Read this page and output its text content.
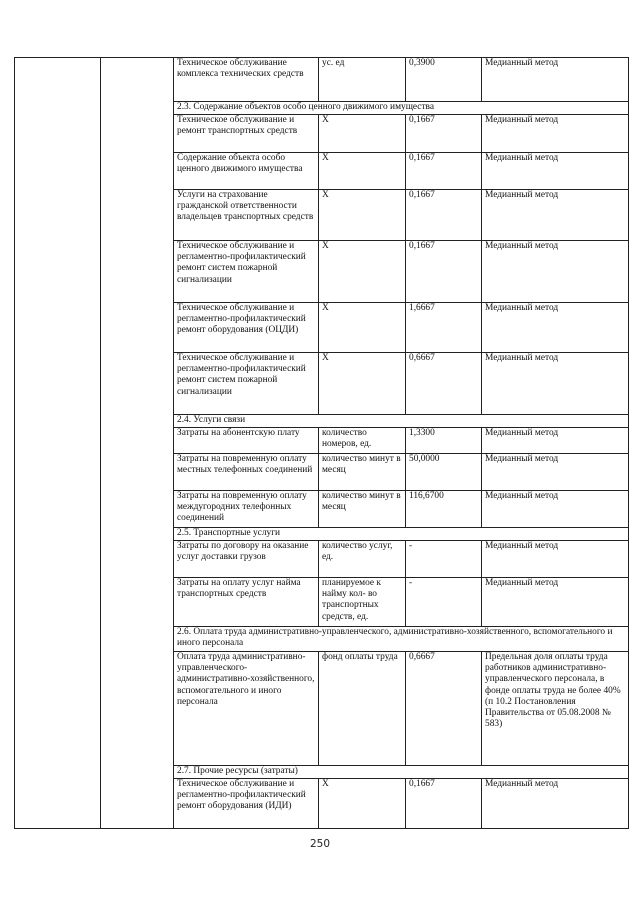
		Техническое обслуживание комплекса технических средств	ус. ед	0,3900	Медианный метод
		2.3. Содержание объектов особо ценного движимого имущества			
		Техническое обслуживание и ремонт транспортных средств	X	0,1667	Медианный метод
		Содержание объекта особо ценного движимого имущества	X	0,1667	Медианный метод
		Услуги на страхование гражданской ответственности владельцев транспортных средств	X	0,1667	Медианный метод
		Техническое обслуживание и регламентно-профилактический ремонт систем пожарной сигнализации	X	0,1667	Медианный метод
		Техническое обслуживание и регламентно-профилактический ремонт оборудования (ОЦДИ)	X	1,6667	Медианный метод
		Техническое обслуживание и регламентно-профилактический ремонт систем пожарной сигнализации	X	0,6667	Медианный метод
		2.4. Услуги связи			
		Затраты на абонентскую плату	количество номеров, ед.	1,3300	Медианный метод
		Затраты на повременную оплату местных телефонных соединений	количество минут в месяц	50,0000	Медианный метод
		Затраты на повременную оплату междугородних телефонных соединений	количество минут в месяц	116,6700	Медианный метод
		2.5. Транспортные услуги			
		Затраты по договору на оказание услуг доставки грузов	количество услуг, ед.	-	Медианный метод
		Затраты на оплату услуг найма транспортных средств	планируемое к найму кол- во транспортных средств, ед.	-	Медианный метод
		2.6. Оплата труда административно-управленческого, административно-хозяйственного, вспомогательного и иного персонала			
		Оплата труда административно-управленческого-административно-хозяйственного, вспомогательного и иного персонала	фонд оплаты труда	0,6667	Предельная доля оплаты труда работников административно-управленческого персонала, в фонде оплаты труда не более 40% (п 10.2 Постановления Правительства от 05.08.2008 № 583)
		2.7. Прочие ресурсы (затраты)			
		Техническое обслуживание и регламентно-профилактический ремонт оборудования (ИДИ)	X	0,1667	Медианный метод
250
